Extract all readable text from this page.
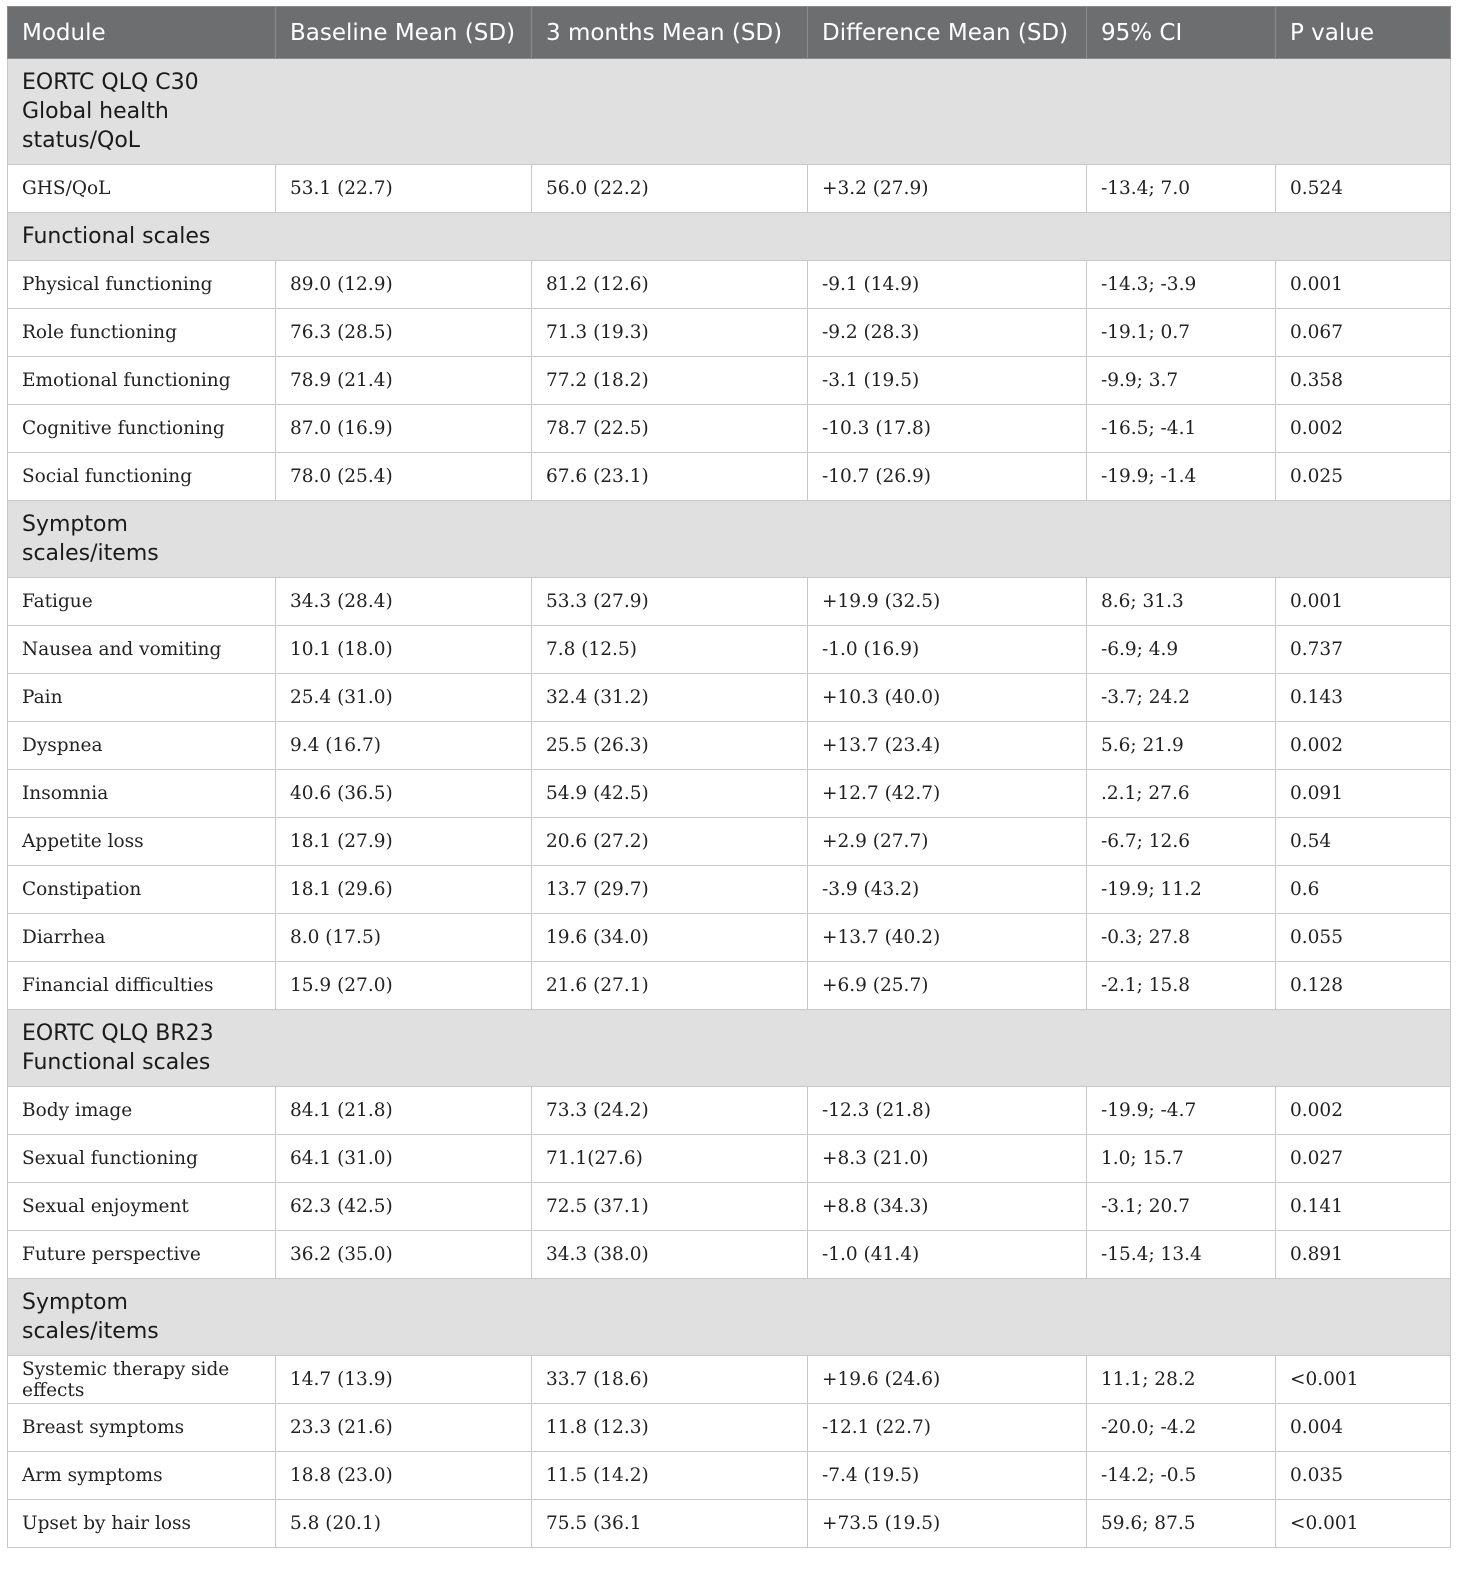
Module	Baseline Mean (SD)	3 months Mean (SD)	Difference Mean (SD)	95% CI	P value

EORTC QLQ C30
Global health
status/QoL					

GHS/QoL	53.1 (22.7)	56.0 (22.2)	+3.2 (27.9)	-13.4; 7.0	0.524

Functional scales					

Physical functioning	89.0 (12.9)	81.2 (12.6)	-9.1 (14.9)	-14.3; -3.9	0.001
Role functioning	76.3 (28.5)	71.3 (19.3)	-9.2 (28.3)	-19.1; 0.7	0.067
Emotional functioning	78.9 (21.4)	77.2 (18.2)	-3.1 (19.5)	-9.9; 3.7	0.358
Cognitive functioning	87.0 (16.9)	78.7 (22.5)	-10.3 (17.8)	-16.5; -4.1	0.002
Social functioning	78.0 (25.4)	67.6 (23.1)	-10.7 (26.9)	-19.9; -1.4	0.025

Symptom
scales/items					

Fatigue	34.3 (28.4)	53.3 (27.9)	+19.9 (32.5)	8.6; 31.3	0.001
Nausea and vomiting	10.1 (18.0)	7.8 (12.5)	-1.0 (16.9)	-6.9; 4.9	0.737
Pain	25.4 (31.0)	32.4 (31.2)	+10.3 (40.0)	-3.7; 24.2	0.143
Dyspnea	9.4 (16.7)	25.5 (26.3)	+13.7 (23.4)	5.6; 21.9	0.002
Insomnia	40.6 (36.5)	54.9 (42.5)	+12.7 (42.7)	.2.1; 27.6	0.091
Appetite loss	18.1 (27.9)	20.6 (27.2)	+2.9 (27.7)	-6.7; 12.6	0.54
Constipation	18.1 (29.6)	13.7 (29.7)	-3.9 (43.2)	-19.9; 11.2	0.6
Diarrhea	8.0 (17.5)	19.6 (34.0)	+13.7 (40.2)	-0.3; 27.8	0.055
Financial difficulties	15.9 (27.0)	21.6 (27.1)	+6.9 (25.7)	-2.1; 15.8	0.128

EORTC QLQ BR23
Functional scales					

Body image	84.1 (21.8)	73.3 (24.2)	-12.3 (21.8)	-19.9; -4.7	0.002
Sexual functioning	64.1 (31.0)	71.1(27.6)	+8.3 (21.0)	1.0; 15.7	0.027
Sexual enjoyment	62.3 (42.5)	72.5 (37.1)	+8.8 (34.3)	-3.1; 20.7	0.141
Future perspective	36.2 (35.0)	34.3 (38.0)	-1.0 (41.4)	-15.4; 13.4	0.891

Symptom
scales/items					

Systemic therapy side effects	14.7 (13.9)	33.7 (18.6)	+19.6 (24.6)	11.1; 28.2	<0.001
Breast symptoms	23.3 (21.6)	11.8 (12.3)	-12.1 (22.7)	-20.0; -4.2	0.004
Arm symptoms	18.8 (23.0)	11.5 (14.2)	-7.4 (19.5)	-14.2; -0.5	0.035
Upset by hair loss	5.8 (20.1)	75.5 (36.1	+73.5 (19.5)	59.6; 87.5	<0.001
